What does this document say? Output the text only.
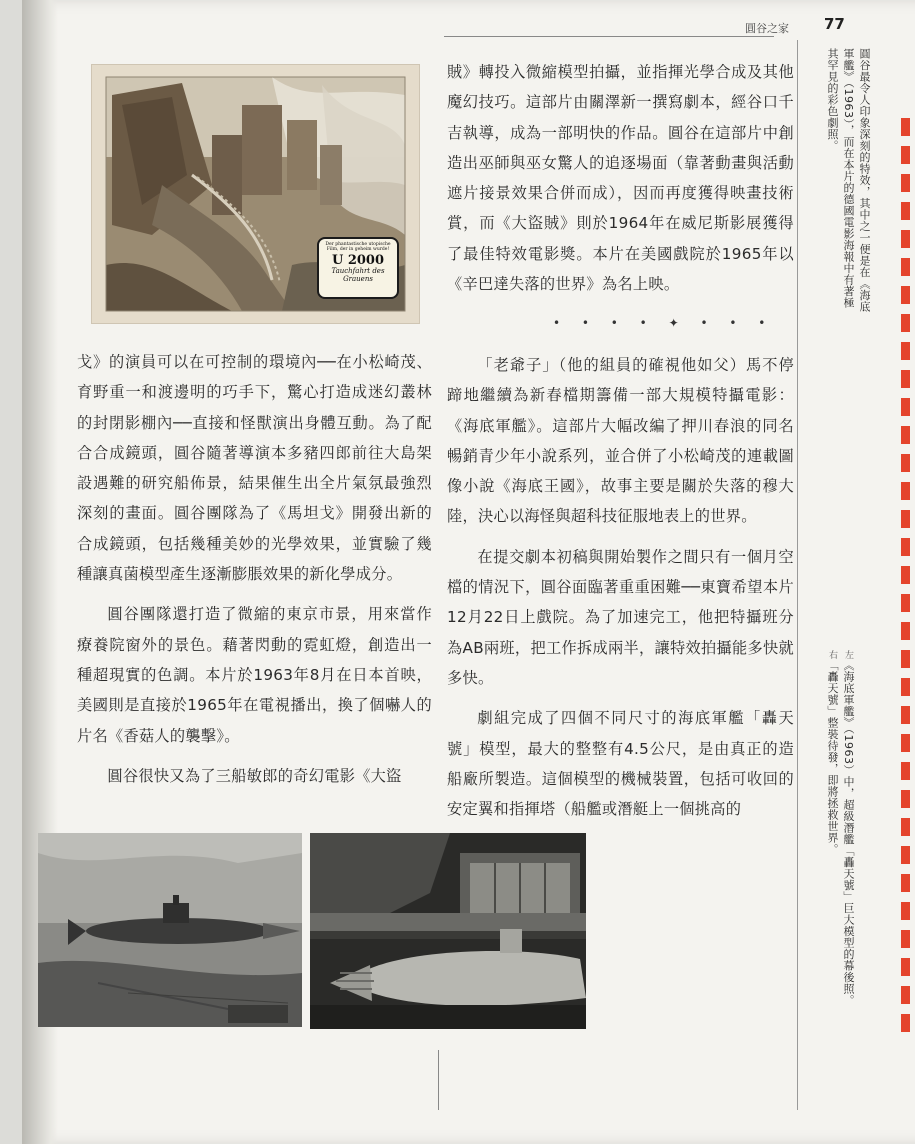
圓谷之家 77
Der phantastische utopische Film, der in geheim wurde!
U 2000
Tauchfahrt des Grauens

戈》的演員可以在可控制的環境內──在小松崎茂、育野重一和渡邊明的巧手下，驚心打造成迷幻叢林的封閉影棚內──直接和怪獸演出身體互動。為了配合合成鏡頭，圓谷隨著導演本多豬四郎前往大島架設遇難的研究船佈景，結果催生出全片氣氛最強烈深刻的畫面。圓谷團隊為了《馬坦戈》開發出新的合成鏡頭，包括幾種美妙的光學效果，並實驗了幾種讓真菌模型產生逐漸膨脹效果的新化學成分。

圓谷團隊還打造了微縮的東京市景，用來當作療養院窗外的景色。藉著閃動的霓虹燈，創造出一種超現實的色調。本片於1963年8月在日本首映，美國則是直接於1965年在電視播出，換了個嚇人的片名《香菇人的襲擊》。

圓谷很快又為了三船敏郎的奇幻電影《大盜

賊》轉投入微縮模型拍攝，並指揮光學合成及其他魔幻技巧。這部片由關澤新一撰寫劇本，經谷口千吉執導，成為一部明快的作品。圓谷在這部片中創造出巫師與巫女驚人的追逐場面（靠著動畫與活動遮片接景效果合併而成），因而再度獲得映畫技術賞，而《大盜賊》則於1964年在威尼斯影展獲得了最佳特效電影獎。本片在美國戲院於1965年以《辛巴達失落的世界》為名上映。

• • • • ✦ • • •

「老爺子」（他的組員的確視他如父）馬不停蹄地繼續為新春檔期籌備一部大規模特攝電影：《海底軍艦》。這部片大幅改編了押川春浪的同名暢銷青少年小說系列，並合併了小松崎茂的連載圖像小說《海底王國》，故事主要是關於失落的穆大陸，決心以海怪與超科技征服地表上的世界。

在提交劇本初稿與開始製作之間只有一個月空檔的情況下，圓谷面臨著重重困難──東寶希望本片12月22日上戲院。為了加速完工，他把特攝班分為AB兩班，把工作拆成兩半，讓特效拍攝能多快就多快。

劇組完成了四個不同尺寸的海底軍艦「轟天號」模型，最大的整整有4.5公尺，是由真正的造船廠所製造。這個模型的機械裝置，包括可收回的安定翼和指揮塔（船艦或潛艇上一個挑高的

圓谷最令人印象深刻的特效，其中之一便是在《海底軍艦》（1963），而在本片的德國電影海報中有著極其罕見的彩色劇照。
左《海底軍艦》（1963）中，超級潛艦「轟天號」巨大模型的幕後照。
右「轟天號」整裝待發，即將拯救世界。
